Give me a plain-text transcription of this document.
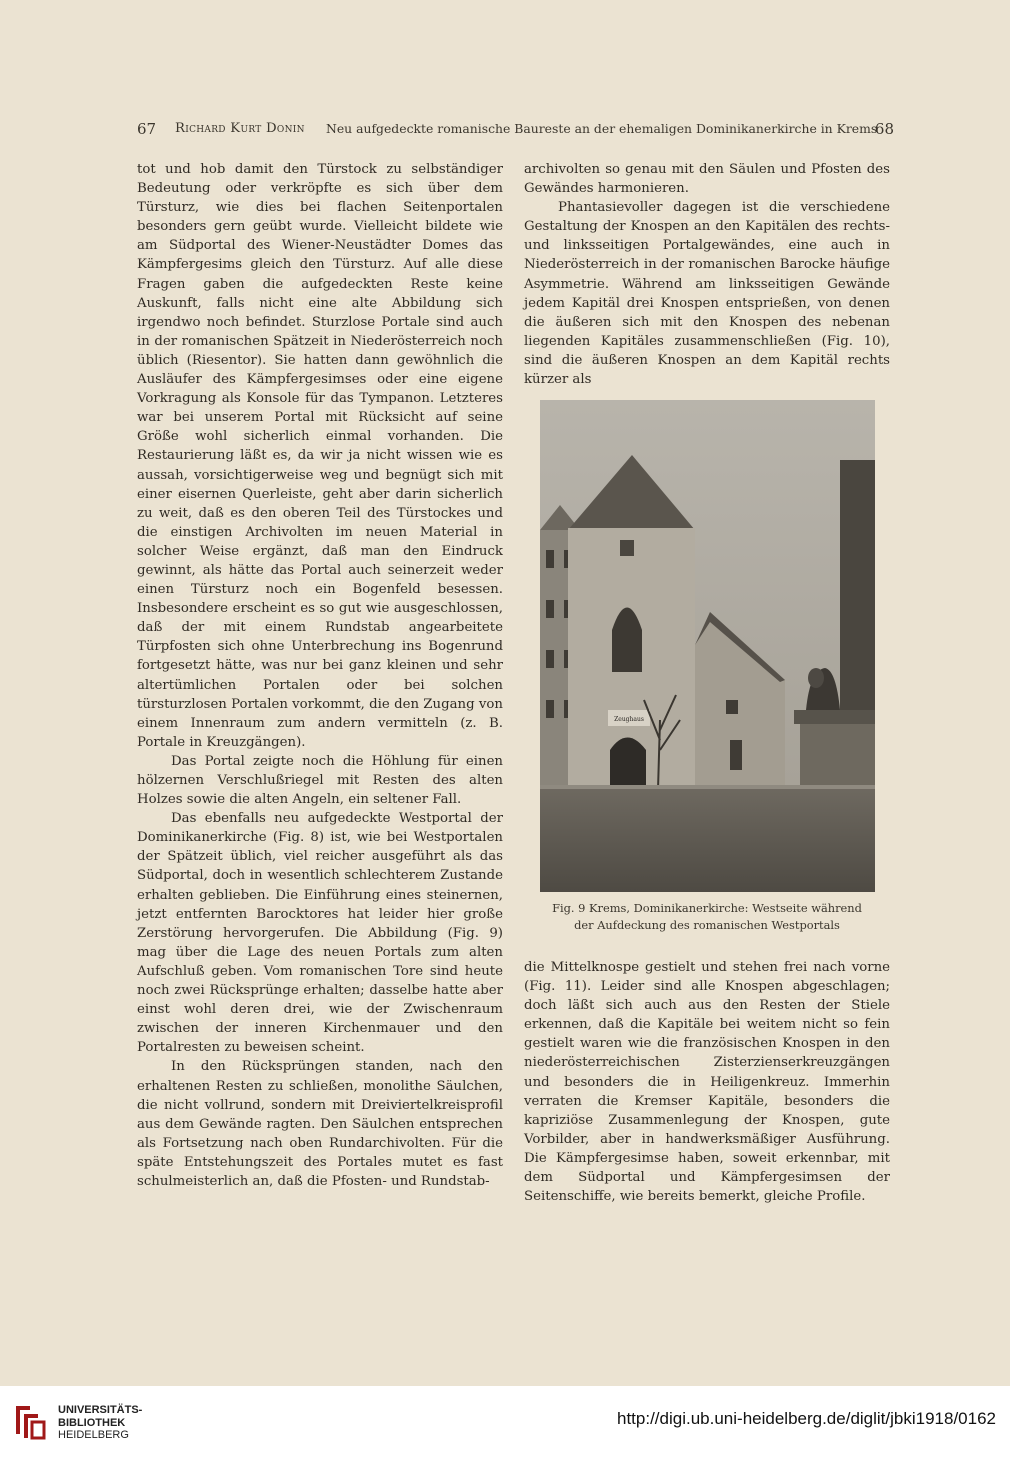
67 Richard Kurt Donin Neu aufgedeckte romanische Baureste an der ehemaligen Dominikanerkirche in Krems
68

tot und hob damit den Türstock zu selbständiger Bedeutung oder verkröpfte es sich über dem Türsturz, wie dies bei flachen Seitenportalen besonders gern geübt wurde. Vielleicht bildete wie am Südportal des Wiener-Neustädter Domes das Kämpfergesims gleich den Türsturz. Auf alle diese Fragen gaben die aufgedeckten Reste keine Auskunft, falls nicht eine alte Abbildung sich irgendwo noch befindet. Sturzlose Portale sind auch in der romanischen Spätzeit in Niederösterreich noch üblich (Riesentor). Sie hatten dann gewöhnlich die Ausläufer des Kämpfergesimses oder eine eigene Vorkragung als Konsole für das Tympanon. Letzteres war bei unserem Portal mit Rücksicht auf seine Größe wohl sicherlich einmal vorhanden. Die Restaurierung läßt es, da wir ja nicht wissen wie es aussah, vorsichtigerweise weg und begnügt sich mit einer eisernen Querleiste, geht aber darin sicherlich zu weit, daß es den oberen Teil des Türstockes und die einstigen Archivolten im neuen Material in solcher Weise ergänzt, daß man den Eindruck gewinnt, als hätte das Portal auch seinerzeit weder einen Türsturz noch ein Bogenfeld besessen. Insbesondere erscheint es so gut wie ausgeschlossen, daß der mit einem Rundstab angearbeitete Türpfosten sich ohne Unterbrechung ins Bogenrund fortgesetzt hätte, was nur bei ganz kleinen und sehr altertümlichen Portalen oder bei solchen türsturzlosen Portalen vorkommt, die den Zugang von einem Innenraum zum andern vermitteln (z. B. Portale in Kreuzgängen).

Das Portal zeigte noch die Höhlung für einen hölzernen Verschlußriegel mit Resten des alten Holzes sowie die alten Angeln, ein seltener Fall.

Das ebenfalls neu aufgedeckte Westportal der Dominikanerkirche (Fig. 8) ist, wie bei Westportalen der Spätzeit üblich, viel reicher ausgeführt als das Südportal, doch in wesentlich schlechterem Zustande erhalten geblieben. Die Einführung eines steinernen, jetzt entfernten Barocktores hat leider hier große Zerstörung hervorgerufen. Die Abbildung (Fig. 9) mag über die Lage des neuen Portals zum alten Aufschluß geben. Vom romanischen Tore sind heute noch zwei Rücksprünge erhalten; dasselbe hatte aber einst wohl deren drei, wie der Zwischenraum zwischen der inneren Kirchenmauer und den Portalresten zu beweisen scheint.

In den Rücksprüngen standen, nach den erhaltenen Resten zu schließen, monolithe Säulchen, die nicht vollrund, sondern mit Dreiviertelkreisprofil aus dem Gewände ragten. Den Säulchen entsprechen als Fortsetzung nach oben Rundarchivolten. Für die späte Entstehungszeit des Portales mutet es fast schulmeisterlich an, daß die Pfosten- und Rundstab-

archivolten so genau mit den Säulen und Pfosten des Gewändes harmonieren.

Phantasievoller dagegen ist die verschiedene Gestaltung der Knospen an den Kapitälen des rechts- und linksseitigen Portalgewändes, eine auch in Niederösterreich in der romanischen Barocke häufige Asymmetrie. Während am linksseitigen Gewände jedem Kapitäl drei Knospen entsprießen, von denen die äußeren sich mit den Knospen des nebenan liegenden Kapitäles zusammenschließen (Fig. 10), sind die äußeren Knospen an dem Kapitäl rechts kürzer als

Zeughaus
Fig. 9 Krems, Dominikanerkirche: Westseite während
der Aufdeckung des romanischen Westportals

die Mittelknospe gestielt und stehen frei nach vorne (Fig. 11). Leider sind alle Knospen abgeschlagen; doch läßt sich auch aus den Resten der Stiele erkennen, daß die Kapitäle bei weitem nicht so fein gestielt waren wie die französischen Knospen in den niederösterreichischen Zisterzienserkreuzgängen und besonders die in Heiligenkreuz. Immerhin verraten die Kremser Kapitäle, besonders die kapriziöse Zusammenlegung der Knospen, gute Vorbilder, aber in handwerksmäßiger Ausführung. Die Kämpfergesimse haben, soweit erkennbar, mit dem Südportal und Kämpfergesimsen der Seitenschiffe, wie bereits bemerkt, gleiche Profile.

UNIVERSITÄTS-
BIBLIOTHEK
HEIDELBERG
http://digi.ub.uni-heidelberg.de/diglit/jbki1918/0162
